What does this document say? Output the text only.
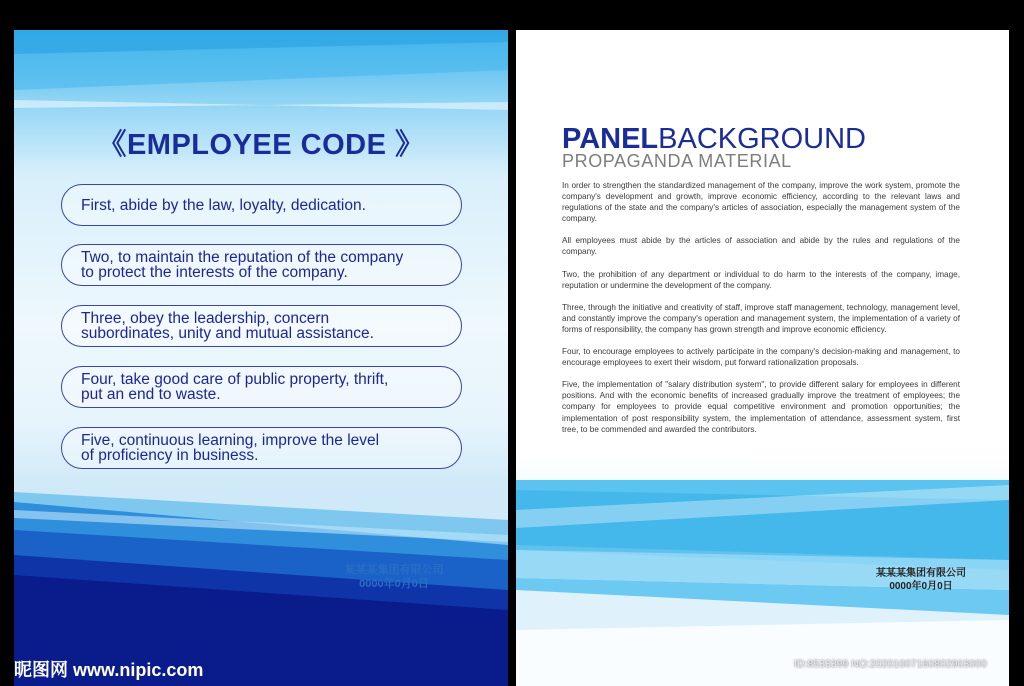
《EMPLOYEE CODE 》
First, abide by the law, loyalty, dedication.
Two, to maintain the reputation of the company
to protect the interests of the company.
Three, obey the leadership, concern
subordinates, unity and mutual assistance.
Four, take good care of public property, thrift,
put an end to waste.
Five, continuous learning, improve the level
of proficiency in business.
某某某集团有限公司
0000年0月0日
PANELBACKGROUND
PROPAGANDA MATERIAL

In order to strengthen the standardized management of the company, improve the work system, promote the company's development and growth, improve economic efficiency, according to the relevant laws and regulations of the state and the company's articles of association, especially the management system of the company.

All employees must abide by the articles of association and abide by the rules and regulations of the company.

Two, the prohibition of any department or individual to do harm to the interests of the company, image, reputation or undermine the development of the company.

Three, through the initiative and creativity of staff, improve staff management, technology, management level, and constantly improve the company's operation and management system, the implementation of a variety of forms of responsibility, the company has grown strength and improve economic efficiency.

Four, to encourage employees to actively participate in the company's decision-making and management, to encourage employees to exert their wisdom, put forward rationalization proposals.

Five, the implementation of "salary distribution system", to provide different salary for employees in different positions. And with the economic benefits of increased gradually improve the treatment of employees; the company for employees to provide equal competitive environment and promotion opportunities; the implementation of post responsibility system, the implementation of attendance, assessment system, first tree, to be commended and awarded the contributors.

某某某集团有限公司
0000年0月0日
昵图网 www.nipic.com	ID:8533399 NO:20201007160802903000
